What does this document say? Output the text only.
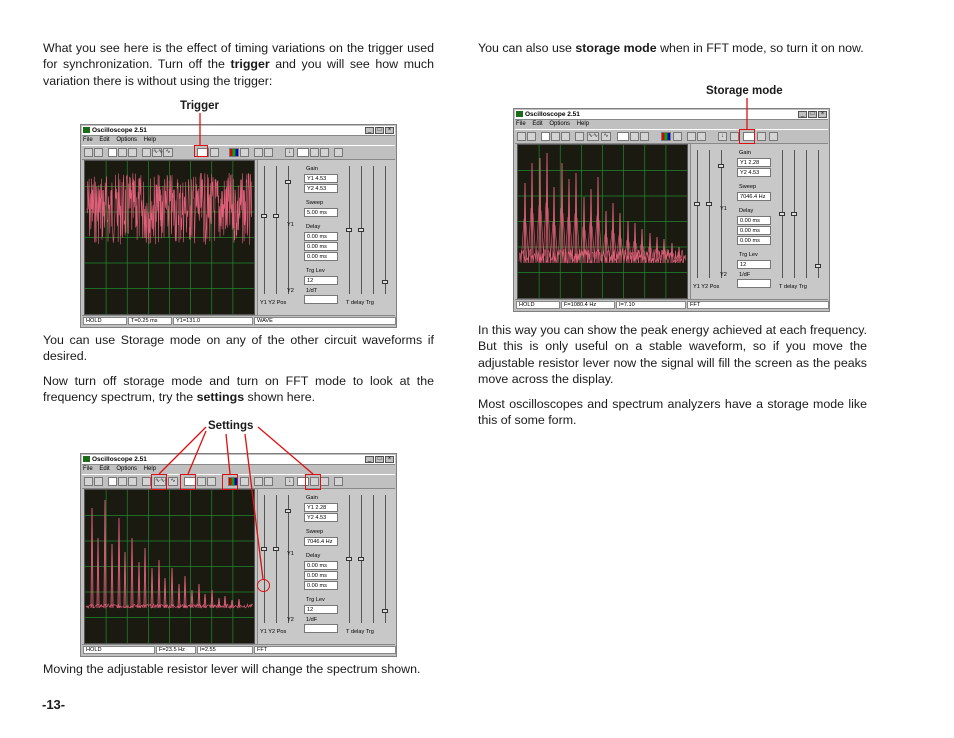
What you see here is the effect of timing variations on the trigger used for synchronization. Turn off the trigger and you will see how much variation there is without using the trigger:

Trigger
Oscilloscope 2.51	_	□	×
File Edit Options Help
∿∿ ∿	↓
Gain
Y1 4.53
Y2 4.53
Sweep
5.00 ms
Delay
0.00 ms
0.00 ms
0.00 ms
Trg Lev
12
1/dT
Y1
Y2
Y1 Y2 Pos	T delay Trg
HOLD	T=0.25 ms	Y1=131.0	WAVE

You can use Storage mode on any of the other circuit waveforms if desired.

Now turn off storage mode and turn on FFT mode to look at the frequency spectrum, try the settings shown here.

Settings
Oscilloscope 2.51	_	□	×
File Edit Options Help
∿∿ ∿	↓
Gain
Y1 2.28
Y2 4.53
Sweep
7046.4 Hz
Delay
0.00 ms
0.00 ms
0.00 ms
Trg Lev
12
1/dF
Y1
Y2
Y1 Y2 Pos	T delay Trg
HOLD	F=23.5 Hz	I=2.55	FFT

Moving the adjustable resistor lever will change the spectrum shown.

-13-

You can also use storage mode when in FFT mode, so turn it on now.

Storage mode
Oscilloscope 2.51	_	□	×
File Edit Options Help
∿∿ ∿	↓
Gain
Y1 2.28
Y2 4.53
Sweep
7046.4 Hz
Delay
0.00 ms
0.00 ms
0.00 ms
Trg Lev
12
1/dF
Y1
Y2
Y1 Y2 Pos	T delay Trg
HOLD	F=1080.4 Hz	I=7.10	FFT

In this way you can show the peak energy achieved at each frequency. But this is only useful on a stable waveform, so if you move the adjustable resistor lever now the signal will fill the screen as the peaks move across the display.

Most oscilloscopes and spectrum analyzers have a storage mode like this of some form.
